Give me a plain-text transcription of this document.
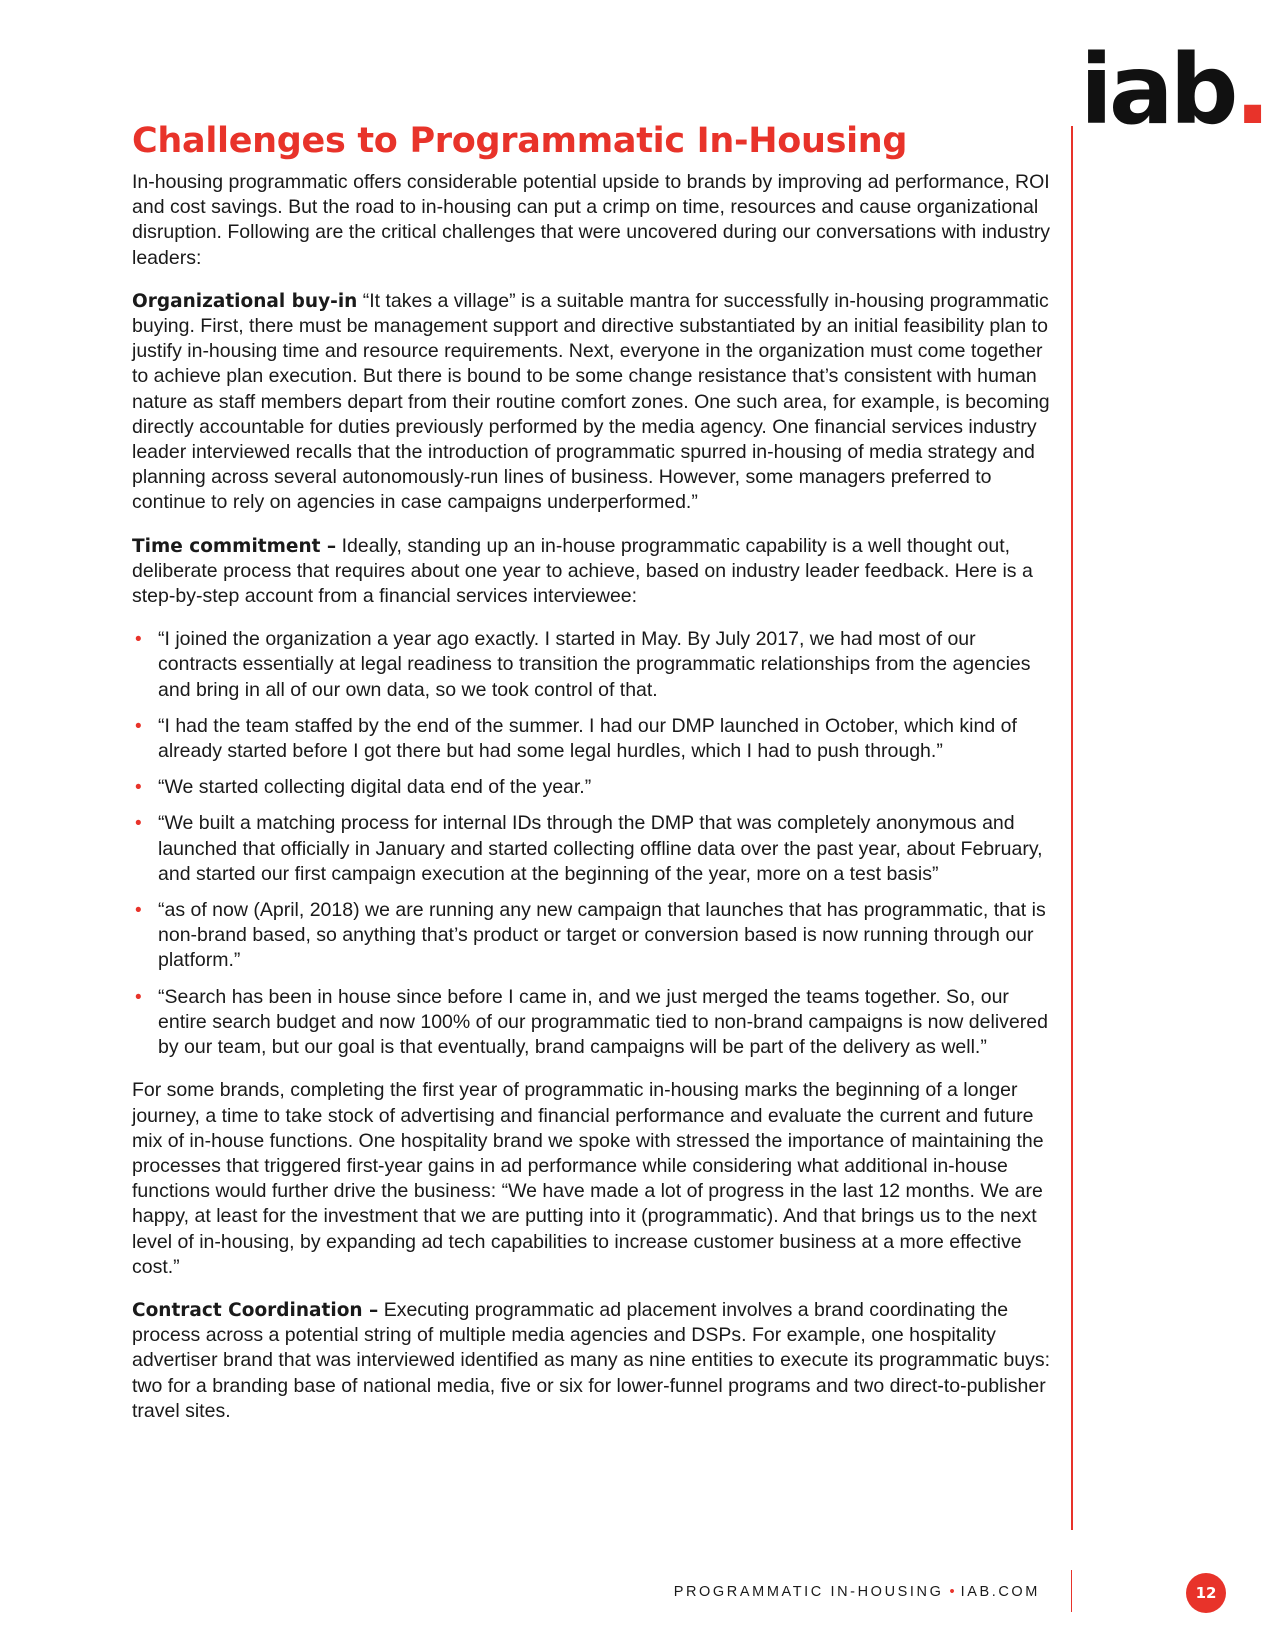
iab.
Challenges to Programmatic In-Housing

In-housing programmatic offers considerable potential upside to brands by improving ad performance, ROI and cost savings. But the road to in-housing can put a crimp on time, resources and cause organizational disruption. Following are the critical challenges that were uncovered during our conversations with industry leaders:

Organizational buy-in “It takes a village” is a suitable mantra for successfully in-housing programmatic buying. First, there must be management support and directive substantiated by an initial feasibility plan to justify in-housing time and resource requirements. Next, everyone in the organization must come together to achieve plan execution. But there is bound to be some change resistance that’s consistent with human nature as staff members depart from their routine comfort zones. One such area, for example, is becoming directly accountable for duties previously performed by the media agency. One financial services industry leader interviewed recalls that the introduction of programmatic spurred in-housing of media strategy and planning across several autonomously-run lines of business. However, some managers preferred to continue to rely on agencies in case campaigns underperformed.”

Time commitment – Ideally, standing up an in-house programmatic capability is a well thought out, deliberate process that requires about one year to achieve, based on industry leader feedback. Here is a step-by-step account from a financial services interviewee:

• “I joined the organization a year ago exactly. I started in May. By July 2017, we had most of our contracts essentially at legal readiness to transition the programmatic relationships from the agencies and bring in all of our own data, so we took control of that.
• “I had the team staffed by the end of the summer. I had our DMP launched in October, which kind of already started before I got there but had some legal hurdles, which I had to push through.”
• “We started collecting digital data end of the year.”
• “We built a matching process for internal IDs through the DMP that was completely anonymous and launched that officially in January and started collecting offline data over the past year, about February, and started our first campaign execution at the beginning of the year, more on a test basis”
• “as of now (April, 2018) we are running any new campaign that launches that has programmatic, that is non-brand based, so anything that’s product or target or conversion based is now running through our platform.”
• “Search has been in house since before I came in, and we just merged the teams together. So, our entire search budget and now 100% of our programmatic tied to non-brand campaigns is now delivered by our team, but our goal is that eventually, brand campaigns will be part of the delivery as well.”

For some brands, completing the first year of programmatic in-housing marks the beginning of a longer journey, a time to take stock of advertising and financial performance and evaluate the current and future mix of in-house functions. One hospitality brand we spoke with stressed the importance of maintaining the processes that triggered first-year gains in ad performance while considering what additional in-house functions would further drive the business: “We have made a lot of progress in the last 12 months. We are happy, at least for the investment that we are putting into it (programmatic). And that brings us to the next level of in-housing, by expanding ad tech capabilities to increase customer business at a more effective cost.”

Contract Coordination – Executing programmatic ad placement involves a brand coordinating the process across a potential string of multiple media agencies and DSPs. For example, one hospitality advertiser brand that was interviewed identified as many as nine entities to execute its programmatic buys: two for a branding base of national media, five or six for lower-funnel programs and two direct-to-publisher travel sites.

PROGRAMMATIC IN-HOUSING • IAB.COM	12
